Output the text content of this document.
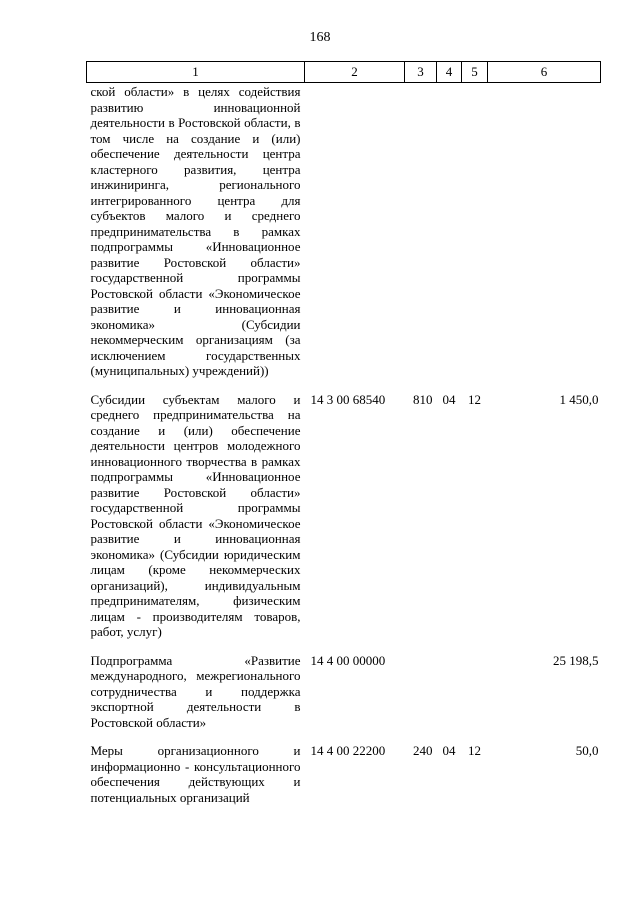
168
1	2	3	4	5	6
ской области» в целях содействия развитию инновационной деятельности в Ростовской области, в том числе на создание и (или) обеспечение деятельности центра кластерного развития, центра инжиниринга, регионального интегрированного центра для субъектов малого и среднего предпринимательства в рамках подпрограммы «Инновационное развитие Ростовской области» государственной программы Ростовской области «Экономическое развитие и инновационная экономика» (Субсидии некоммерческим организациям (за исключением государственных (муниципальных) учреждений))					
Субсидии субъектам малого и среднего предпринимательства на создание и (или) обеспечение деятельности центров молодежного инновационного творчества в рамках подпрограммы «Инновационное развитие Ростовской области» государственной программы Ростовской области «Экономическое развитие и инновационная экономика» (Субсидии юридическим лицам (кроме некоммерческих организаций), индивидуальным предпринимателям, физическим лицам - производителям товаров, работ, услуг)	14 3 00 68540	810	04	12	1 450,0
Подпрограмма «Развитие международного, межрегионального сотрудничества и поддержка экспортной деятельности в Ростовской области»	14 4 00 00000				25 198,5
Меры организационного и информационно - консультационного обеспечения действующих и потенциальных организаций	14 4 00 22200	240	04	12	50,0
